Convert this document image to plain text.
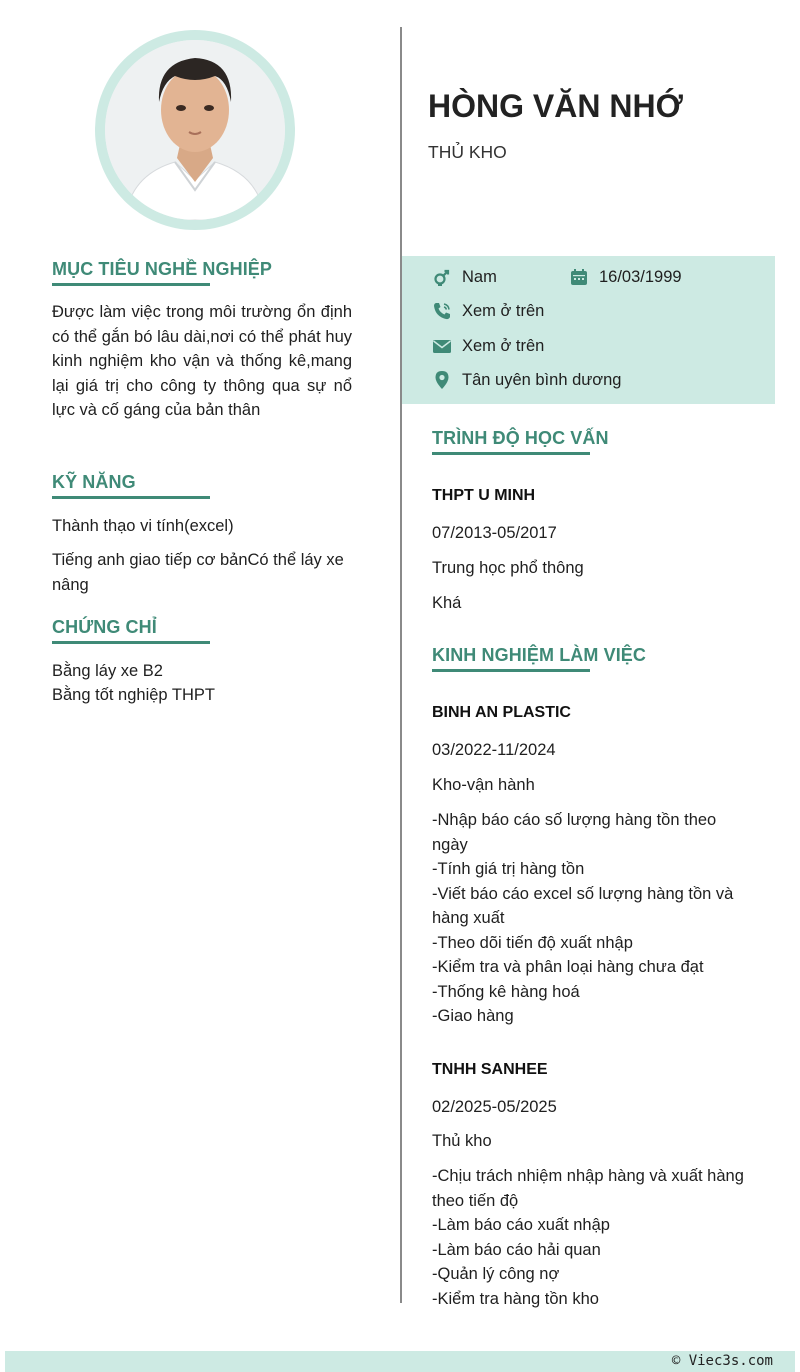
MỤC TIÊU NGHỀ NGHIỆP
Được làm việc trong môi trường ổn định có thể gắn bó lâu dài,nơi có thể phát huy kinh nghiệm kho vận và thống kê,mang lại giá trị cho công ty thông qua sự nổ lực và cố gáng của bản thân
KỸ NĂNG
Thành thạo vi tính(excel)
Tiếng anh giao tiếp cơ bảnCó thể láy xe nâng
CHỨNG CHỈ
Bằng láy xe B2
Bằng tốt nghiệp THPT
HÒNG VĂN NHỚ
THỦ KHO
Nam	16/03/1999
Xem ở trên
Xem ở trên
Tân uyên bình dương
TRÌNH ĐỘ HỌC VẤN
THPT U MINH
07/2013-05/2017
Trung học phổ thông
Khá
KINH NGHIỆM LÀM VIỆC
BINH AN PLASTIC
03/2022-11/2024
Kho-vận hành
-Nhập báo cáo số lượng hàng tồn theo ngày
-Tính giá trị hàng tồn
-Viết báo cáo excel số lượng hàng tồn và hàng xuất
-Theo dõi tiến độ xuất nhập
-Kiểm tra và phân loại hàng chưa đạt
-Thống kê hàng hoá
-Giao hàng
TNHH SANHEE
02/2025-05/2025
Thủ kho
-Chịu trách nhiệm nhập hàng và xuất hàng theo tiến độ
-Làm báo cáo xuất nhập
-Làm báo cáo hải quan
-Quản lý công nợ
-Kiểm tra hàng tồn kho
© Viec3s.com
